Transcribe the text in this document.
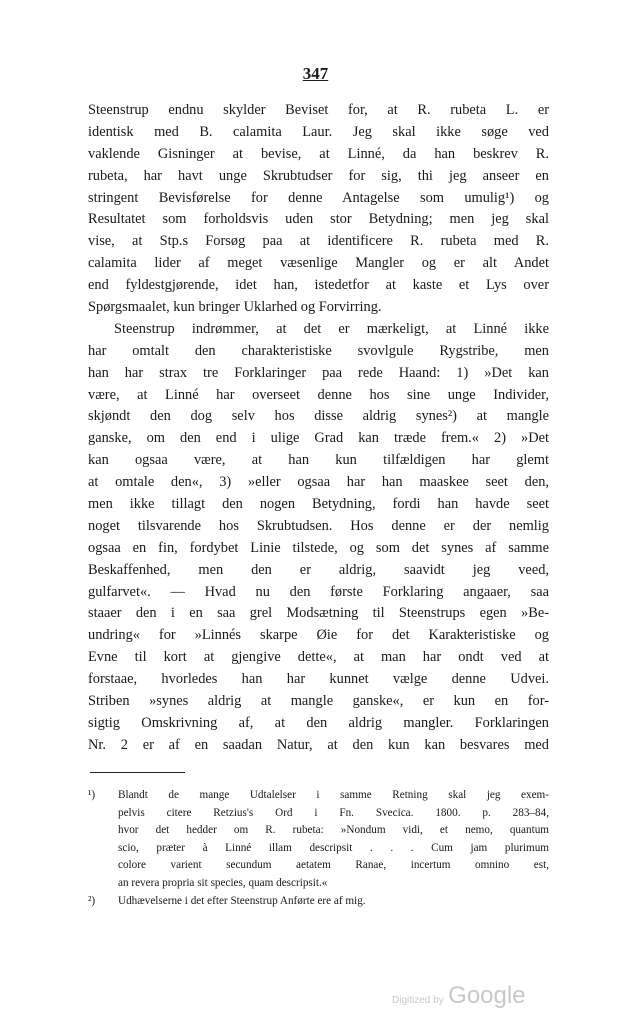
347
Steenstrup endnu skylder Beviset for, at R. rubeta L. er
identisk med B. calamita Laur. Jeg skal ikke søge ved
vaklende Gisninger at bevise, at Linné, da han beskrev R.
rubeta, har havt unge Skrubtudser for sig, thi jeg anseer en
stringent Bevisførelse for denne Antagelse som umulig¹) og
Resultatet som forholdsvis uden stor Betydning; men jeg skal
vise, at Stp.s Forsøg paa at identificere R. rubeta med R.
calamita lider af meget væsenlige Mangler og er alt Andet
end fyldestgjørende, idet han, istedetfor at kaste et Lys over
Spørgsmaalet, kun bringer Uklarhed og Forvirring.
Steenstrup indrømmer, at det er mærkeligt, at Linné ikke
har omtalt den charakteristiske svovlgule Rygstribe, men
han har strax tre Forklaringer paa rede Haand: 1) »Det kan
være, at Linné har overseet denne hos sine unge Individer,
skjøndt den dog selv hos disse aldrig synes²) at mangle
ganske, om den end i ulige Grad kan træde frem.« 2) »Det
kan ogsaa være, at han kun tilfældigen har glemt
at omtale den«, 3) »eller ogsaa har han maaskee seet den,
men ikke tillagt den nogen Betydning, fordi han havde seet
noget tilsvarende hos Skrubtudsen. Hos denne er der nemlig
ogsaa en fin, fordybet Linie tilstede, og som det synes af samme
Beskaffenhed, men den er aldrig, saavidt jeg veed,
gulfarvet«. — Hvad nu den første Forklaring angaaer, saa
staaer den i en saa grel Modsætning til Steenstrups egen »Be-
undring« for »Linnés skarpe Øie for det Karakteristiske og
Evne til kort at gjengive dette«, at man har ondt ved at
forstaae, hvorledes han har kunnet vælge denne Udvei.
Striben »synes aldrig at mangle ganske«, er kun en for-
sigtig Omskrivning af, at den aldrig mangler. Forklaringen
Nr. 2 er af en saadan Natur, at den kun kan besvares med
¹) Blandt de mange Udtalelser i samme Retning skal jeg exem-
pelvis citere Retzius's Ord i Fn. Svecica. 1800. p. 283–84,
hvor det hedder om R. rubeta: »Nondum vidi, et nemo, quantum
scio, præter à Linné illam descripsit . . . Cum jam plurimum
colore varient secundum aetatem Ranae, incertum omnino est,
an revera propria sit species, quam descripsit.«
²) Udhævelserne i det efter Steenstrup Anførte ere af mig.
Digitized by Google
